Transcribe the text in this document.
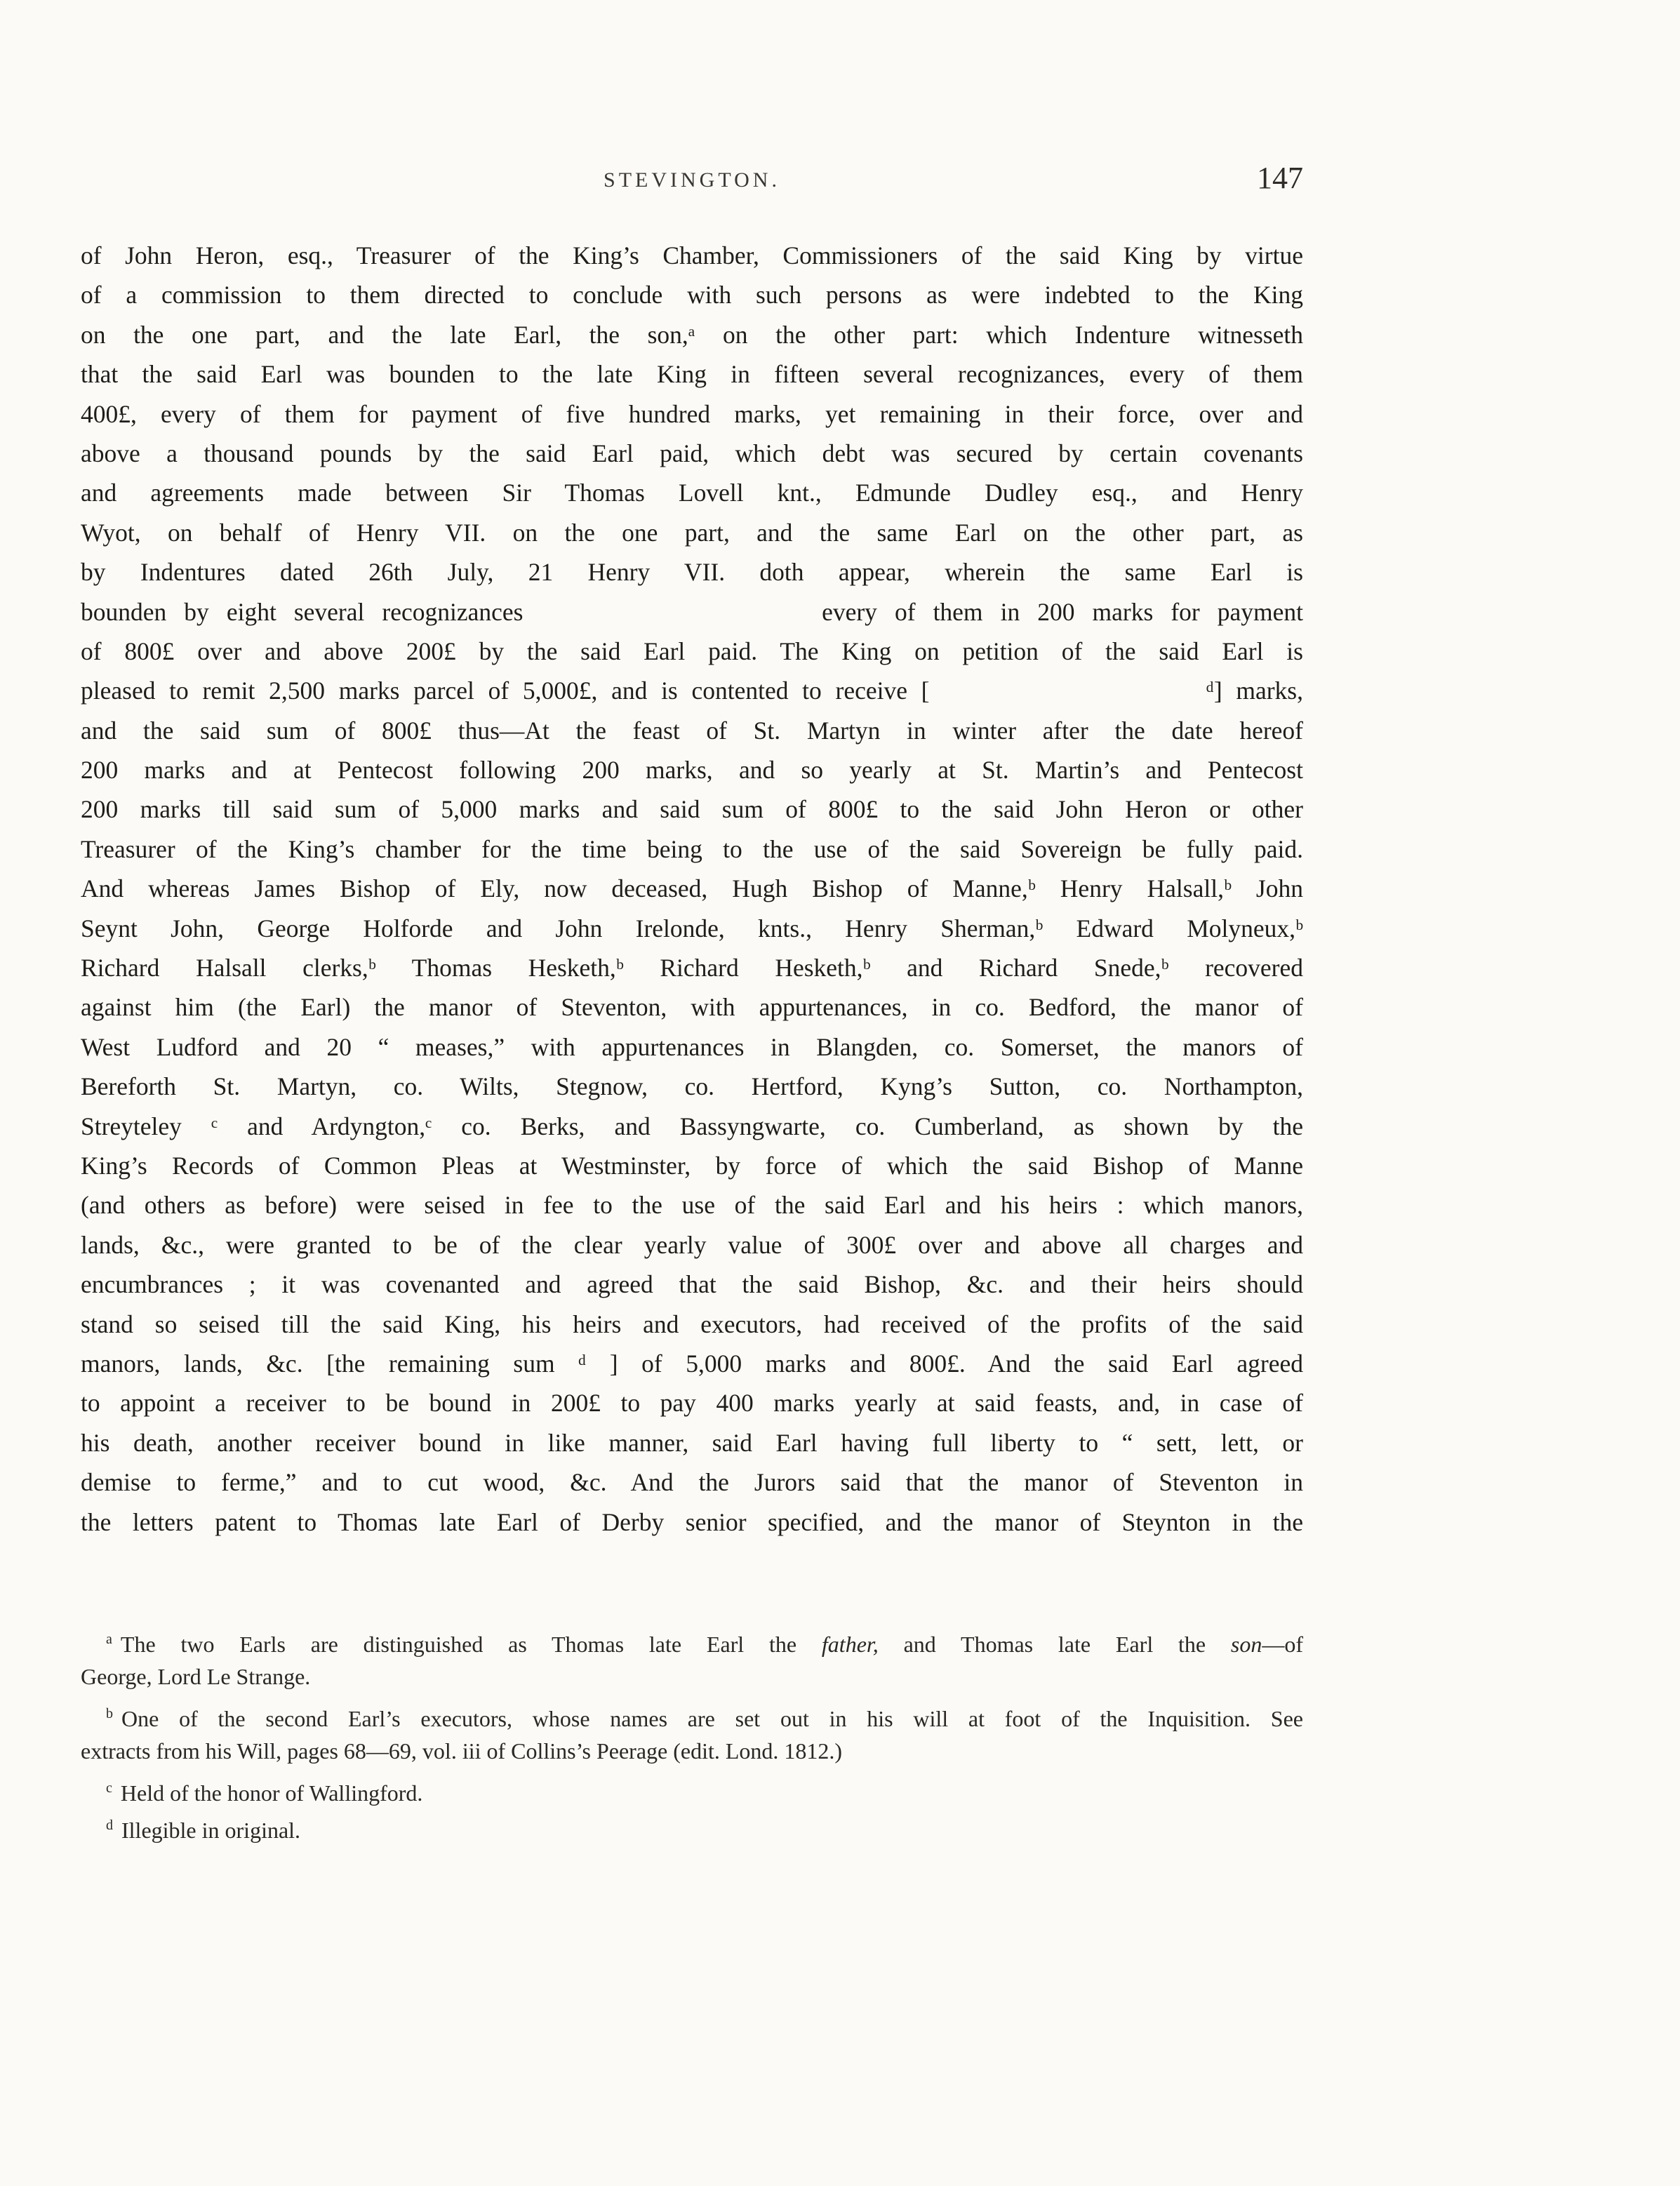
STEVINGTON.	147
of John Heron, esq., Treasurer of the King’s Chamber, Commissioners of the said King by virtue
of a commission to them directed to conclude with such persons as were indebted to the King
on the one part, and the late Earl, the son,ᵃ on the other part: which Indenture witnesseth
that the said Earl was bounden to the late King in fifteen several recognizances, every of them
400£, every of them for payment of five hundred marks, yet remaining in their force, over and
above a thousand pounds by the said Earl paid, which debt was secured by certain covenants
and agreements made between Sir Thomas Lovell knt., Edmunde Dudley esq., and Henry
Wyot, on behalf of Henry VII. on the one part, and the same Earl on the other part, as
by Indentures dated 26th July, 21 Henry VII. doth appear, wherein the same Earl is
bounden by eight several recognizances                 every of them in 200 marks for payment
of 800£ over and above 200£ by the said Earl paid. The King on petition of the said Earl is
pleased to remit 2,500 marks parcel of 5,000£, and is contented to receive [                    ᵈ] marks,
and the said sum of 800£ thus—At the feast of St. Martyn in winter after the date hereof
200 marks and at Pentecost following 200 marks, and so yearly at St. Martin’s and Pentecost
200 marks till said sum of 5,000 marks and said sum of 800£ to the said John Heron or other
Treasurer of the King’s chamber for the time being to the use of the said Sovereign be fully paid.
And whereas James Bishop of Ely, now deceased, Hugh Bishop of Manne,ᵇ Henry Halsall,ᵇ John
Seynt John, George Holforde and John Irelonde, knts., Henry Sherman,ᵇ Edward Molyneux,ᵇ
Richard Halsall clerks,ᵇ Thomas Hesketh,ᵇ Richard Hesketh,ᵇ and Richard Snede,ᵇ recovered
against him (the Earl) the manor of Steventon, with appurtenances, in co. Bedford, the manor of
West Ludford and 20 “ meases,” with appurtenances in Blangden, co. Somerset, the manors of
Bereforth St. Martyn, co. Wilts, Stegnow, co. Hertford, Kyng’s Sutton, co. Northampton,
Streyteley ᶜ and Ardyngton,ᶜ co. Berks, and Bassyngwarte, co. Cumberland, as shown by the
King’s Records of Common Pleas at Westminster, by force of which the said Bishop of Manne
(and others as before) were seised in fee to the use of the said Earl and his heirs : which manors,
lands, &c., were granted to be of the clear yearly value of 300£ over and above all charges and
encumbrances ; it was covenanted and agreed that the said Bishop, &c. and their heirs should
stand so seised till the said King, his heirs and executors, had received of the profits of the said
manors, lands, &c. [the remaining sum ᵈ ] of 5,000 marks and 800£. And the said Earl agreed
to appoint a receiver to be bound in 200£ to pay 400 marks yearly at said feasts, and, in case of
his death, another receiver bound in like manner, said Earl having full liberty to “ sett, lett, or
demise to ferme,” and to cut wood, &c. And the Jurors said that the manor of Steventon in
the letters patent to Thomas late Earl of Derby senior specified, and the manor of Steynton in the
$^a$ The two Earls are distinguished as Thomas late Earl the father, and Thomas late Earl the son—of
George, Lord Le Strange.
$^b$ One of the second Earl’s executors, whose names are set out in his will at foot of the Inquisition. See
extracts from his Will, pages 68—69, vol. iii of Collins’s Peerage (edit. Lond. 1812.)
$^c$ Held of the honor of Wallingford.
$^d$ Illegible in original.
